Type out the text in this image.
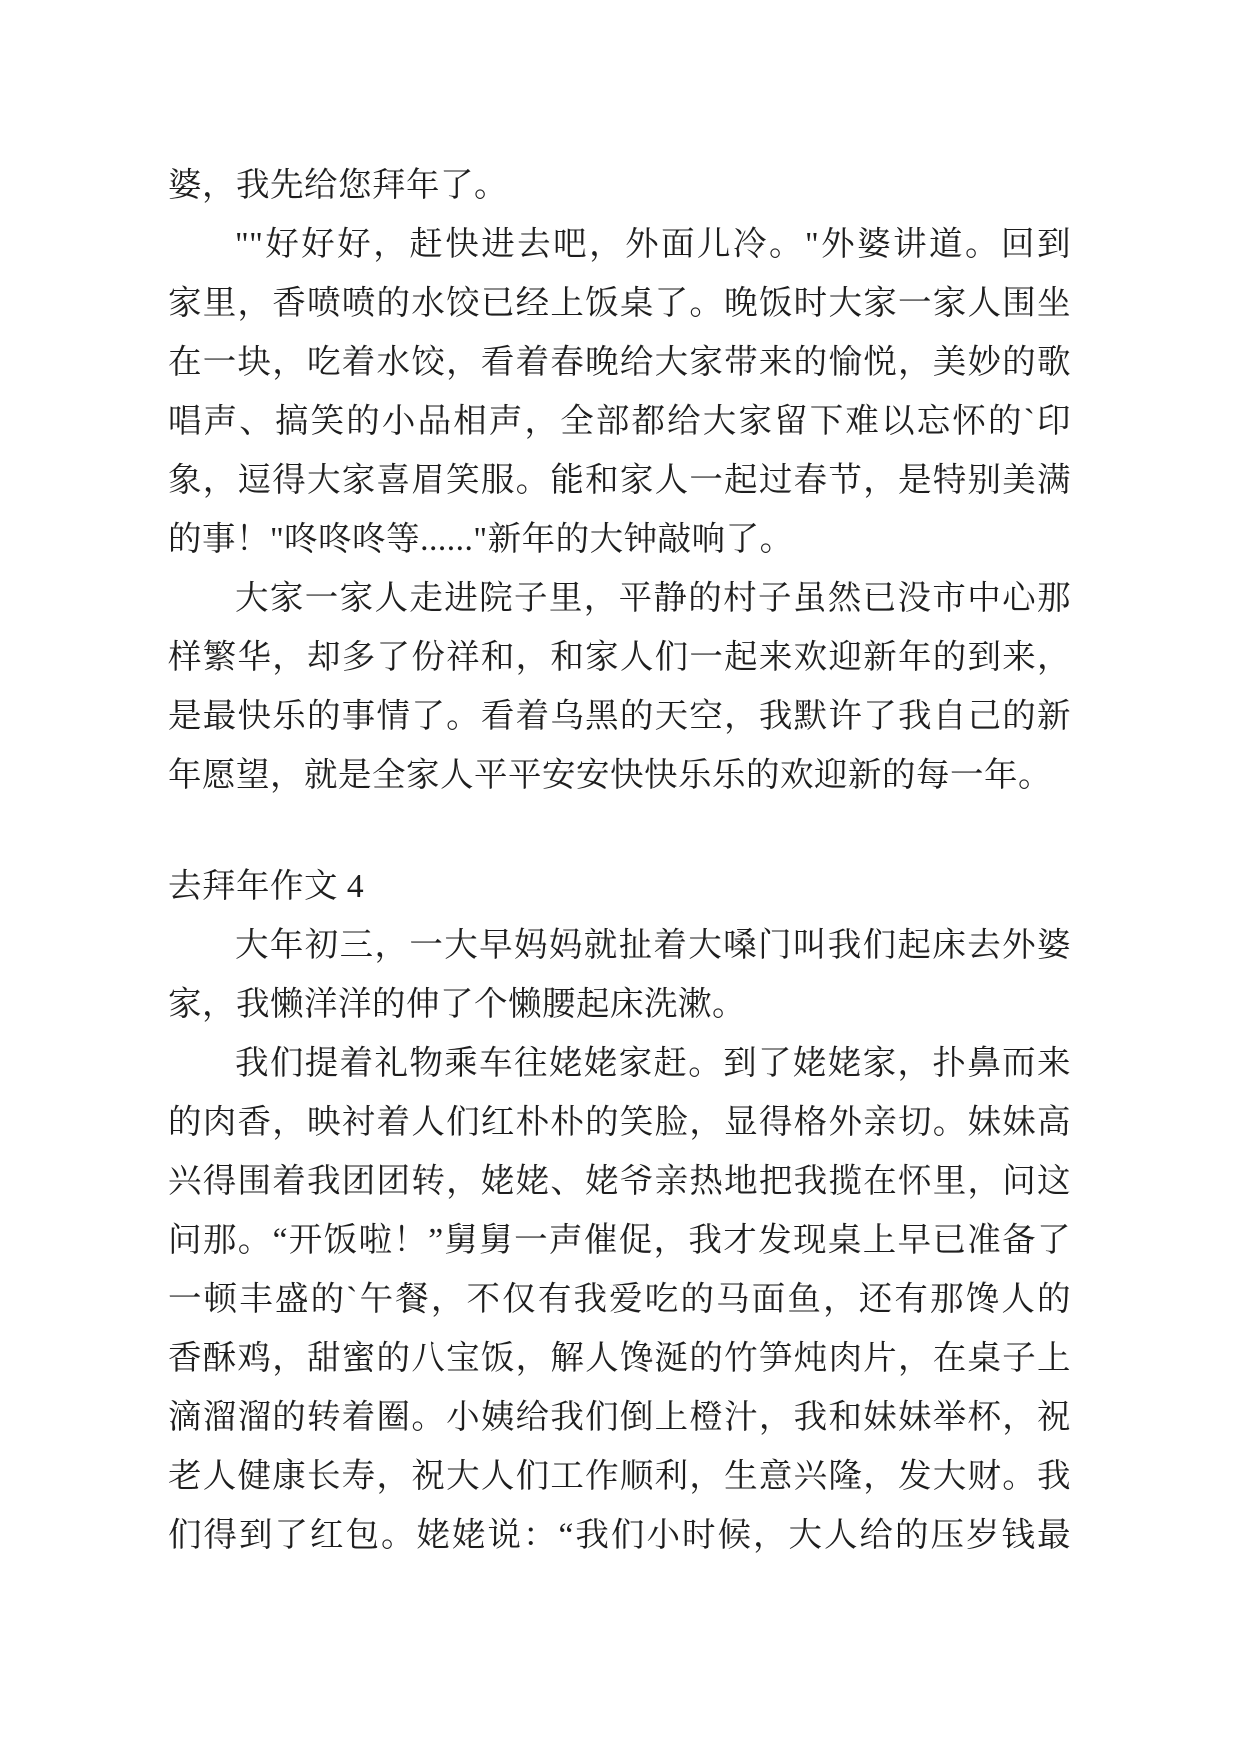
婆，我先给您拜年了。
""好好好，赶快进去吧，外面儿冷。"外婆讲道。回到
家里，香喷喷的水饺已经上饭桌了。晚饭时大家一家人围坐
在一块，吃着水饺，看着春晚给大家带来的愉悦，美妙的歌
唱声、搞笑的小品相声，全部都给大家留下难以忘怀的`印
象，逗得大家喜眉笑服。能和家人一起过春节，是特别美满
的事！"咚咚咚等......"新年的大钟敲响了。
大家一家人走进院子里，平静的村子虽然已没市中心那
样繁华，却多了份祥和，和家人们一起来欢迎新年的到来，
是最快乐的事情了。看着乌黑的天空，我默许了我自己的新
年愿望，就是全家人平平安安快快乐乐的欢迎新的每一年。
去拜年作文 4
大年初三，一大早妈妈就扯着大嗓门叫我们起床去外婆
家，我懒洋洋的伸了个懒腰起床洗漱。
我们提着礼物乘车往姥姥家赶。到了姥姥家，扑鼻而来
的肉香，映衬着人们红朴朴的笑脸，显得格外亲切。妹妹高
兴得围着我团团转，姥姥、姥爷亲热地把我揽在怀里，问这
问那。“开饭啦！”舅舅一声催促，我才发现桌上早已准备了
一顿丰盛的`午餐，不仅有我爱吃的马面鱼，还有那馋人的
香酥鸡，甜蜜的八宝饭，解人馋涎的竹笋炖肉片，在桌子上
滴溜溜的转着圈。小姨给我们倒上橙汁，我和妹妹举杯，祝
老人健康长寿，祝大人们工作顺利，生意兴隆，发大财。我
们得到了红包。姥姥说：“我们小时候，大人给的压岁钱最
